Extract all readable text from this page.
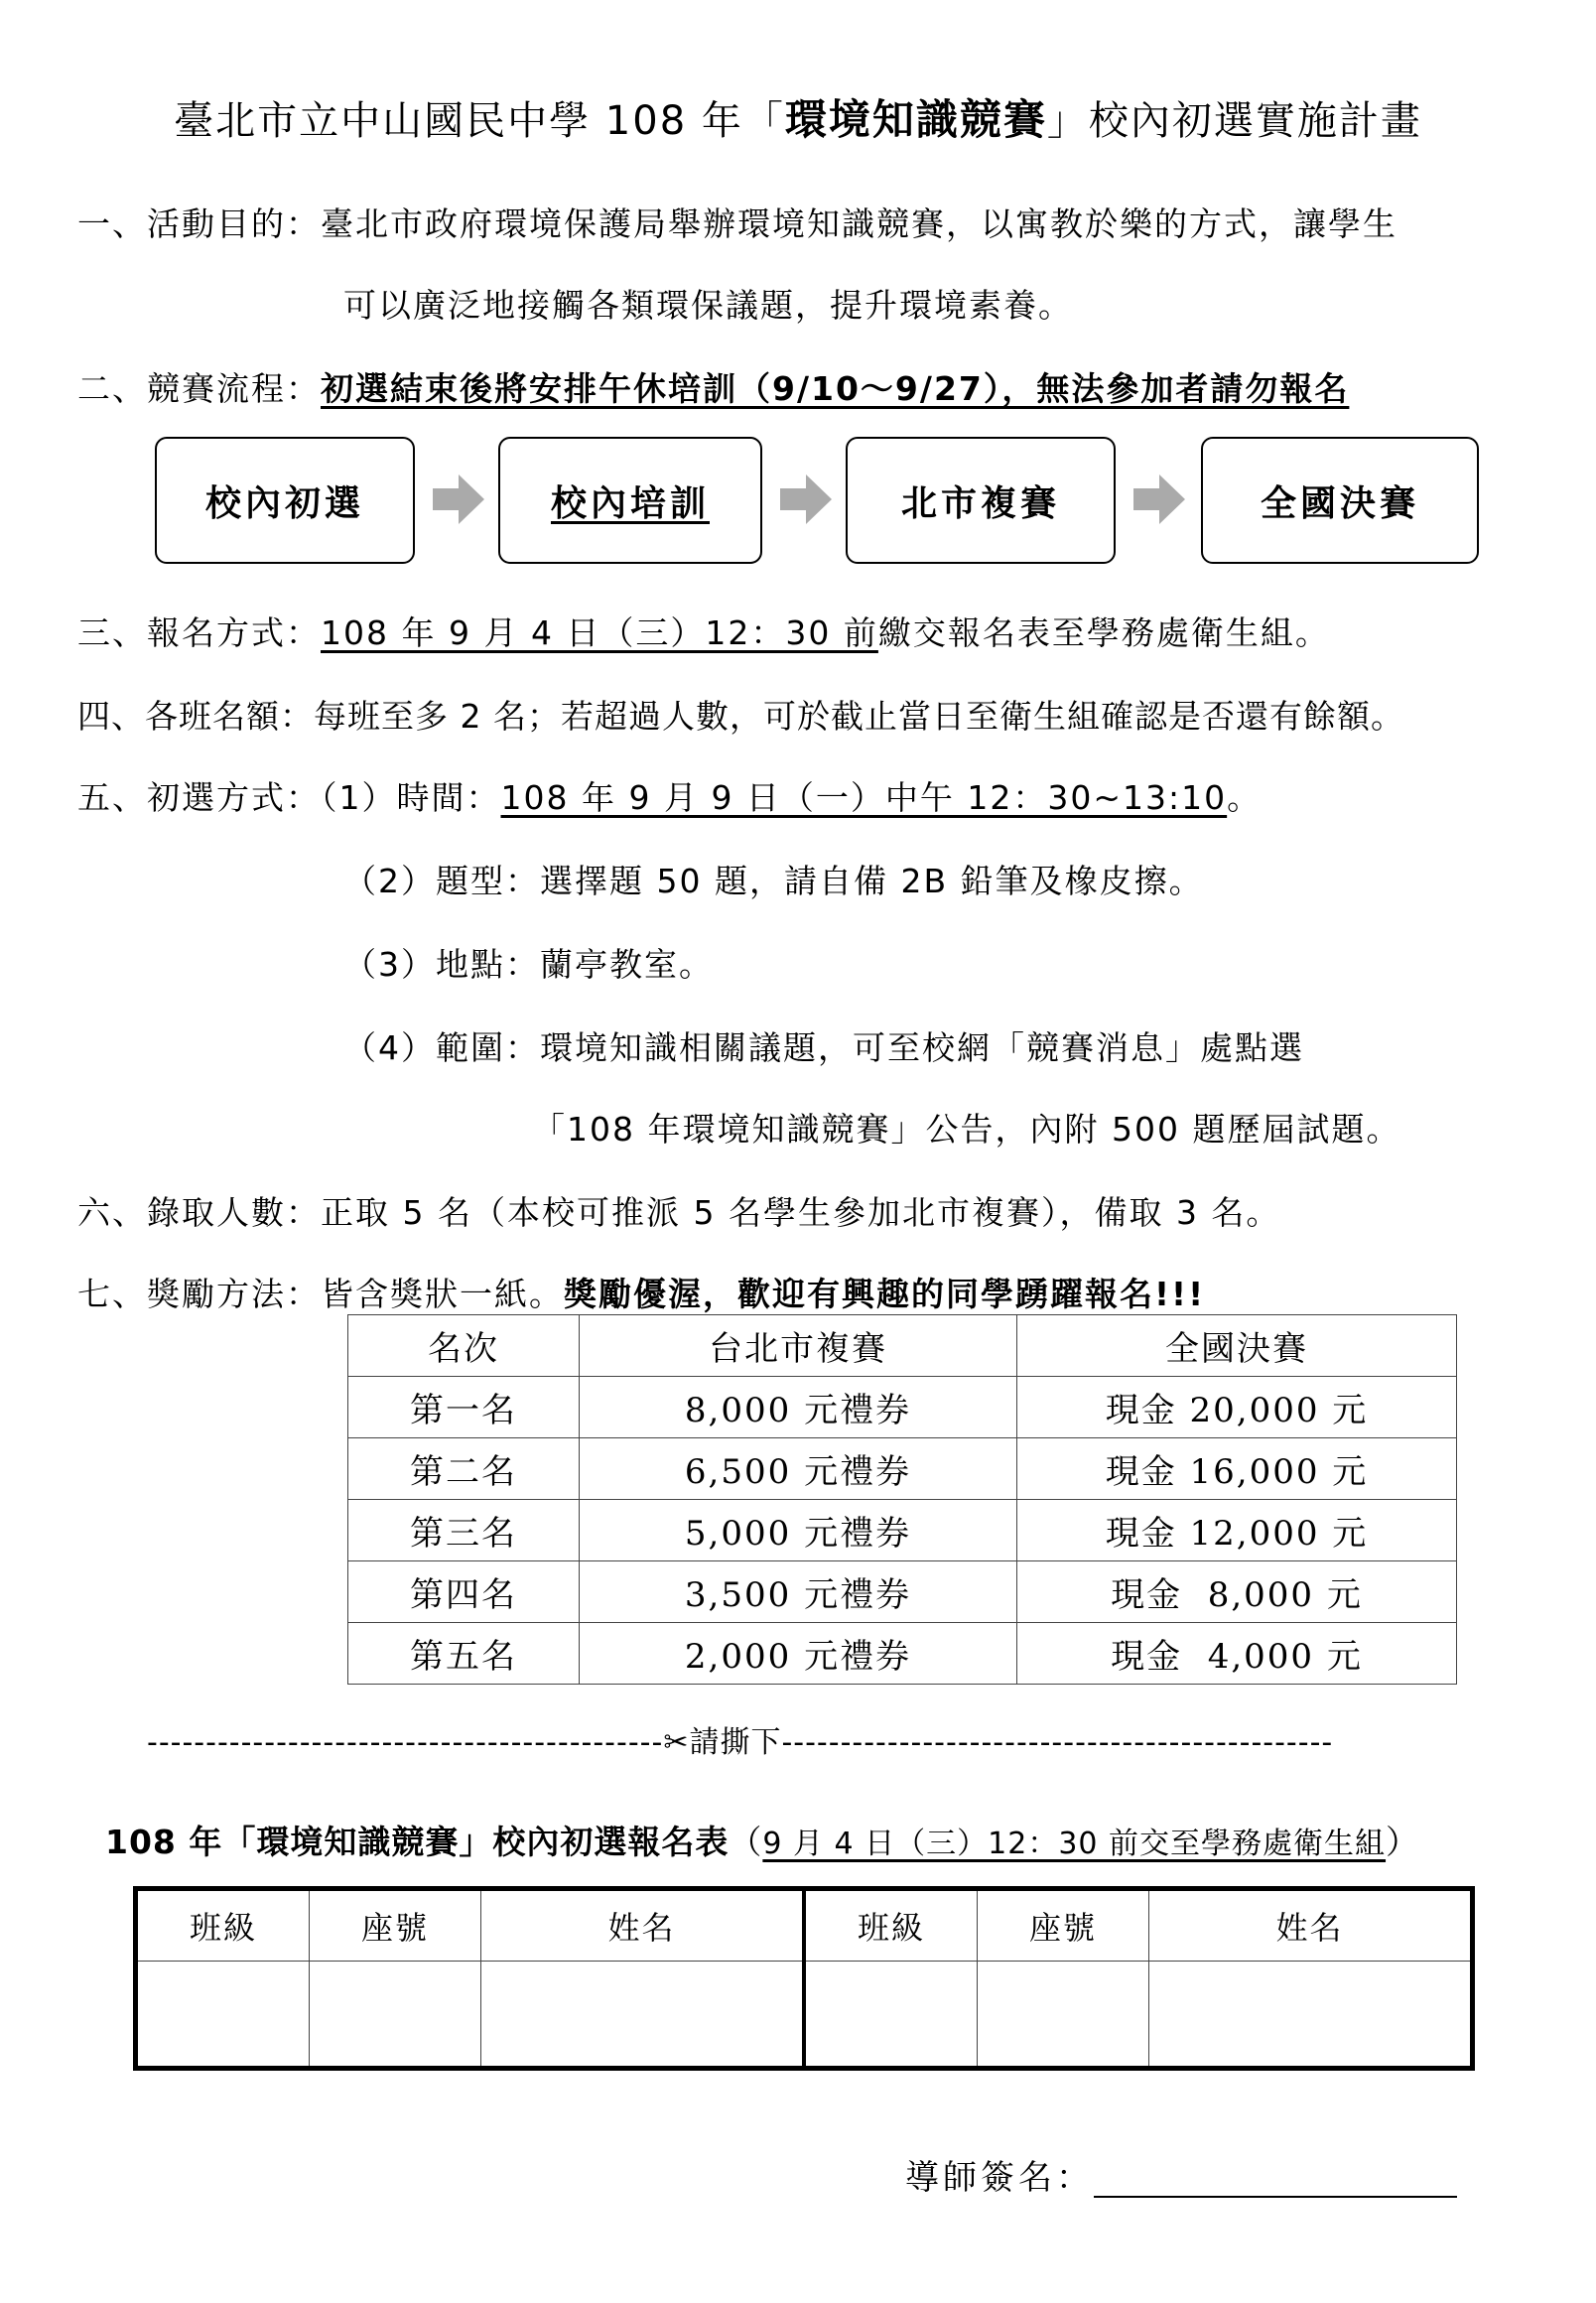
臺北市立中山國民中學 108 年「環境知識競賽」校內初選實施計畫
一、活動目的：臺北市政府環境保護局舉辦環境知識競賽，以寓教於樂的方式，讓學生
可以廣泛地接觸各類環保議題，提升環境素養。
二、競賽流程：初選結束後將安排午休培訓（9/10～9/27），無法參加者請勿報名
校內初選	校內培訓	北市複賽	全國決賽
三、報名方式：108 年 9 月 4 日（三）12：30 前繳交報名表至學務處衛生組。
四、各班名額：每班至多 2 名；若超過人數，可於截止當日至衛生組確認是否還有餘額。
五、初選方式：（1）時間：108 年 9 月 9 日（一）中午 12：30~13:10。
（2）題型：選擇題 50 題，請自備 2B 鉛筆及橡皮擦。
（3）地點：蘭亭教室。
（4）範圍：環境知識相關議題，可至校網「競賽消息」處點選
「108 年環境知識競賽」公告，內附 500 題歷屆試題。
六、錄取人數：正取 5 名（本校可推派 5 名學生參加北市複賽），備取 3 名。
七、獎勵方法：皆含獎狀一紙。獎勵優渥，歡迎有興趣的同學踴躍報名!!!
名次	台北市複賽	全國決賽
第一名	8,000 元禮券	現金 20,000 元
第二名	6,500 元禮券	現金 16,000 元
第三名	5,000 元禮券	現金 12,000 元
第四名	3,500 元禮券	現金  8,000 元
第五名	2,000 元禮券	現金  4,000 元
--------------------------------------------✂請撕下-----------------------------------------------
108 年「環境知識競賽」校內初選報名表（9 月 4 日（三）12：30 前交至學務處衛生組）
班級	座號	姓名	班級	座號	姓名
導師簽名：
